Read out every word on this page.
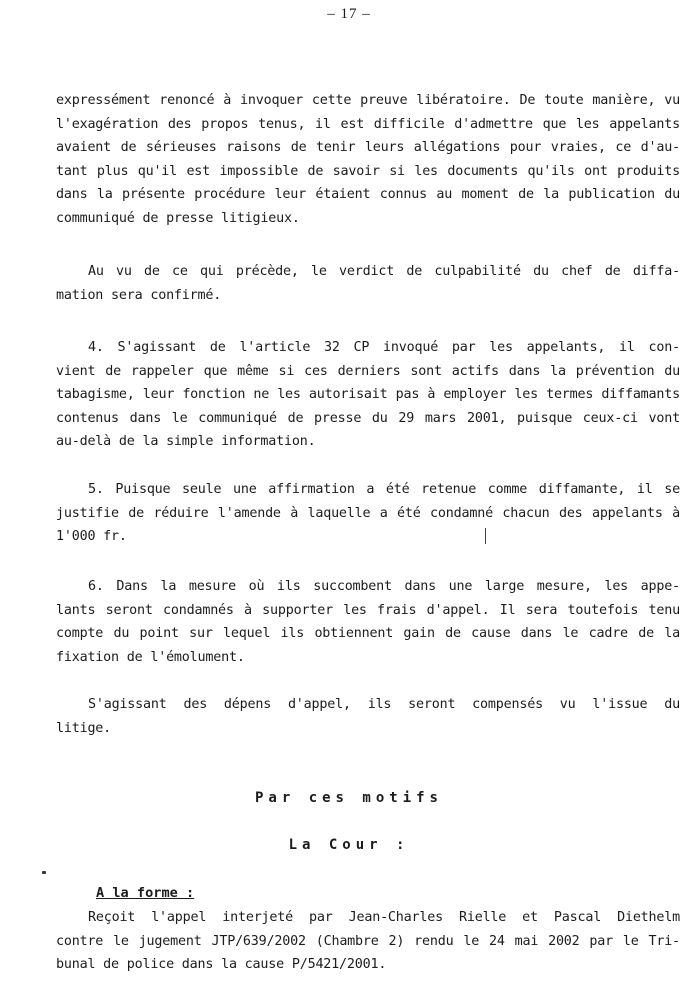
– 17 –
expressément renoncé à invoquer cette preuve libératoire. De toute manière, vu
l'exagération des propos tenus, il est difficile d'admettre que les appelants
avaient de sérieuses raisons de tenir leurs allégations pour vraies, ce d'au-
tant plus qu'il est impossible de savoir si les documents qu'ils ont produits
dans la présente procédure leur étaient connus au moment de la publication du
communiqué de presse litigieux.
Au vu de ce qui précède, le verdict de culpabilité du chef de diffa-
mation sera confirmé.
4. S'agissant de l'article 32 CP invoqué par les appelants, il con-
vient de rappeler que même si ces derniers sont actifs dans la prévention du
tabagisme, leur fonction ne les autorisait pas à employer les termes diffamants
contenus dans le communiqué de presse du 29 mars 2001, puisque ceux-ci vont
au-delà de la simple information.
5. Puisque seule une affirmation a été retenue comme diffamante, il se
justifie de réduire l'amende à laquelle a été condamné chacun des appelants à
1'000 fr.
6. Dans la mesure où ils succombent dans une large mesure, les appe-
lants seront condamnés à supporter les frais d'appel. Il sera toutefois tenu
compte du point sur lequel ils obtiennent gain de cause dans le cadre de la
fixation de l'émolument.
S'agissant des dépens d'appel, ils seront compensés vu l'issue du
litige.
Par ces motifs
La Cour :
A la forme :
Reçoit l'appel interjeté par Jean-Charles Rielle et Pascal Diethelm
contre le jugement JTP/639/2002 (Chambre 2) rendu le 24 mai 2002 par le Tri-
bunal de police dans la cause P/5421/2001.
